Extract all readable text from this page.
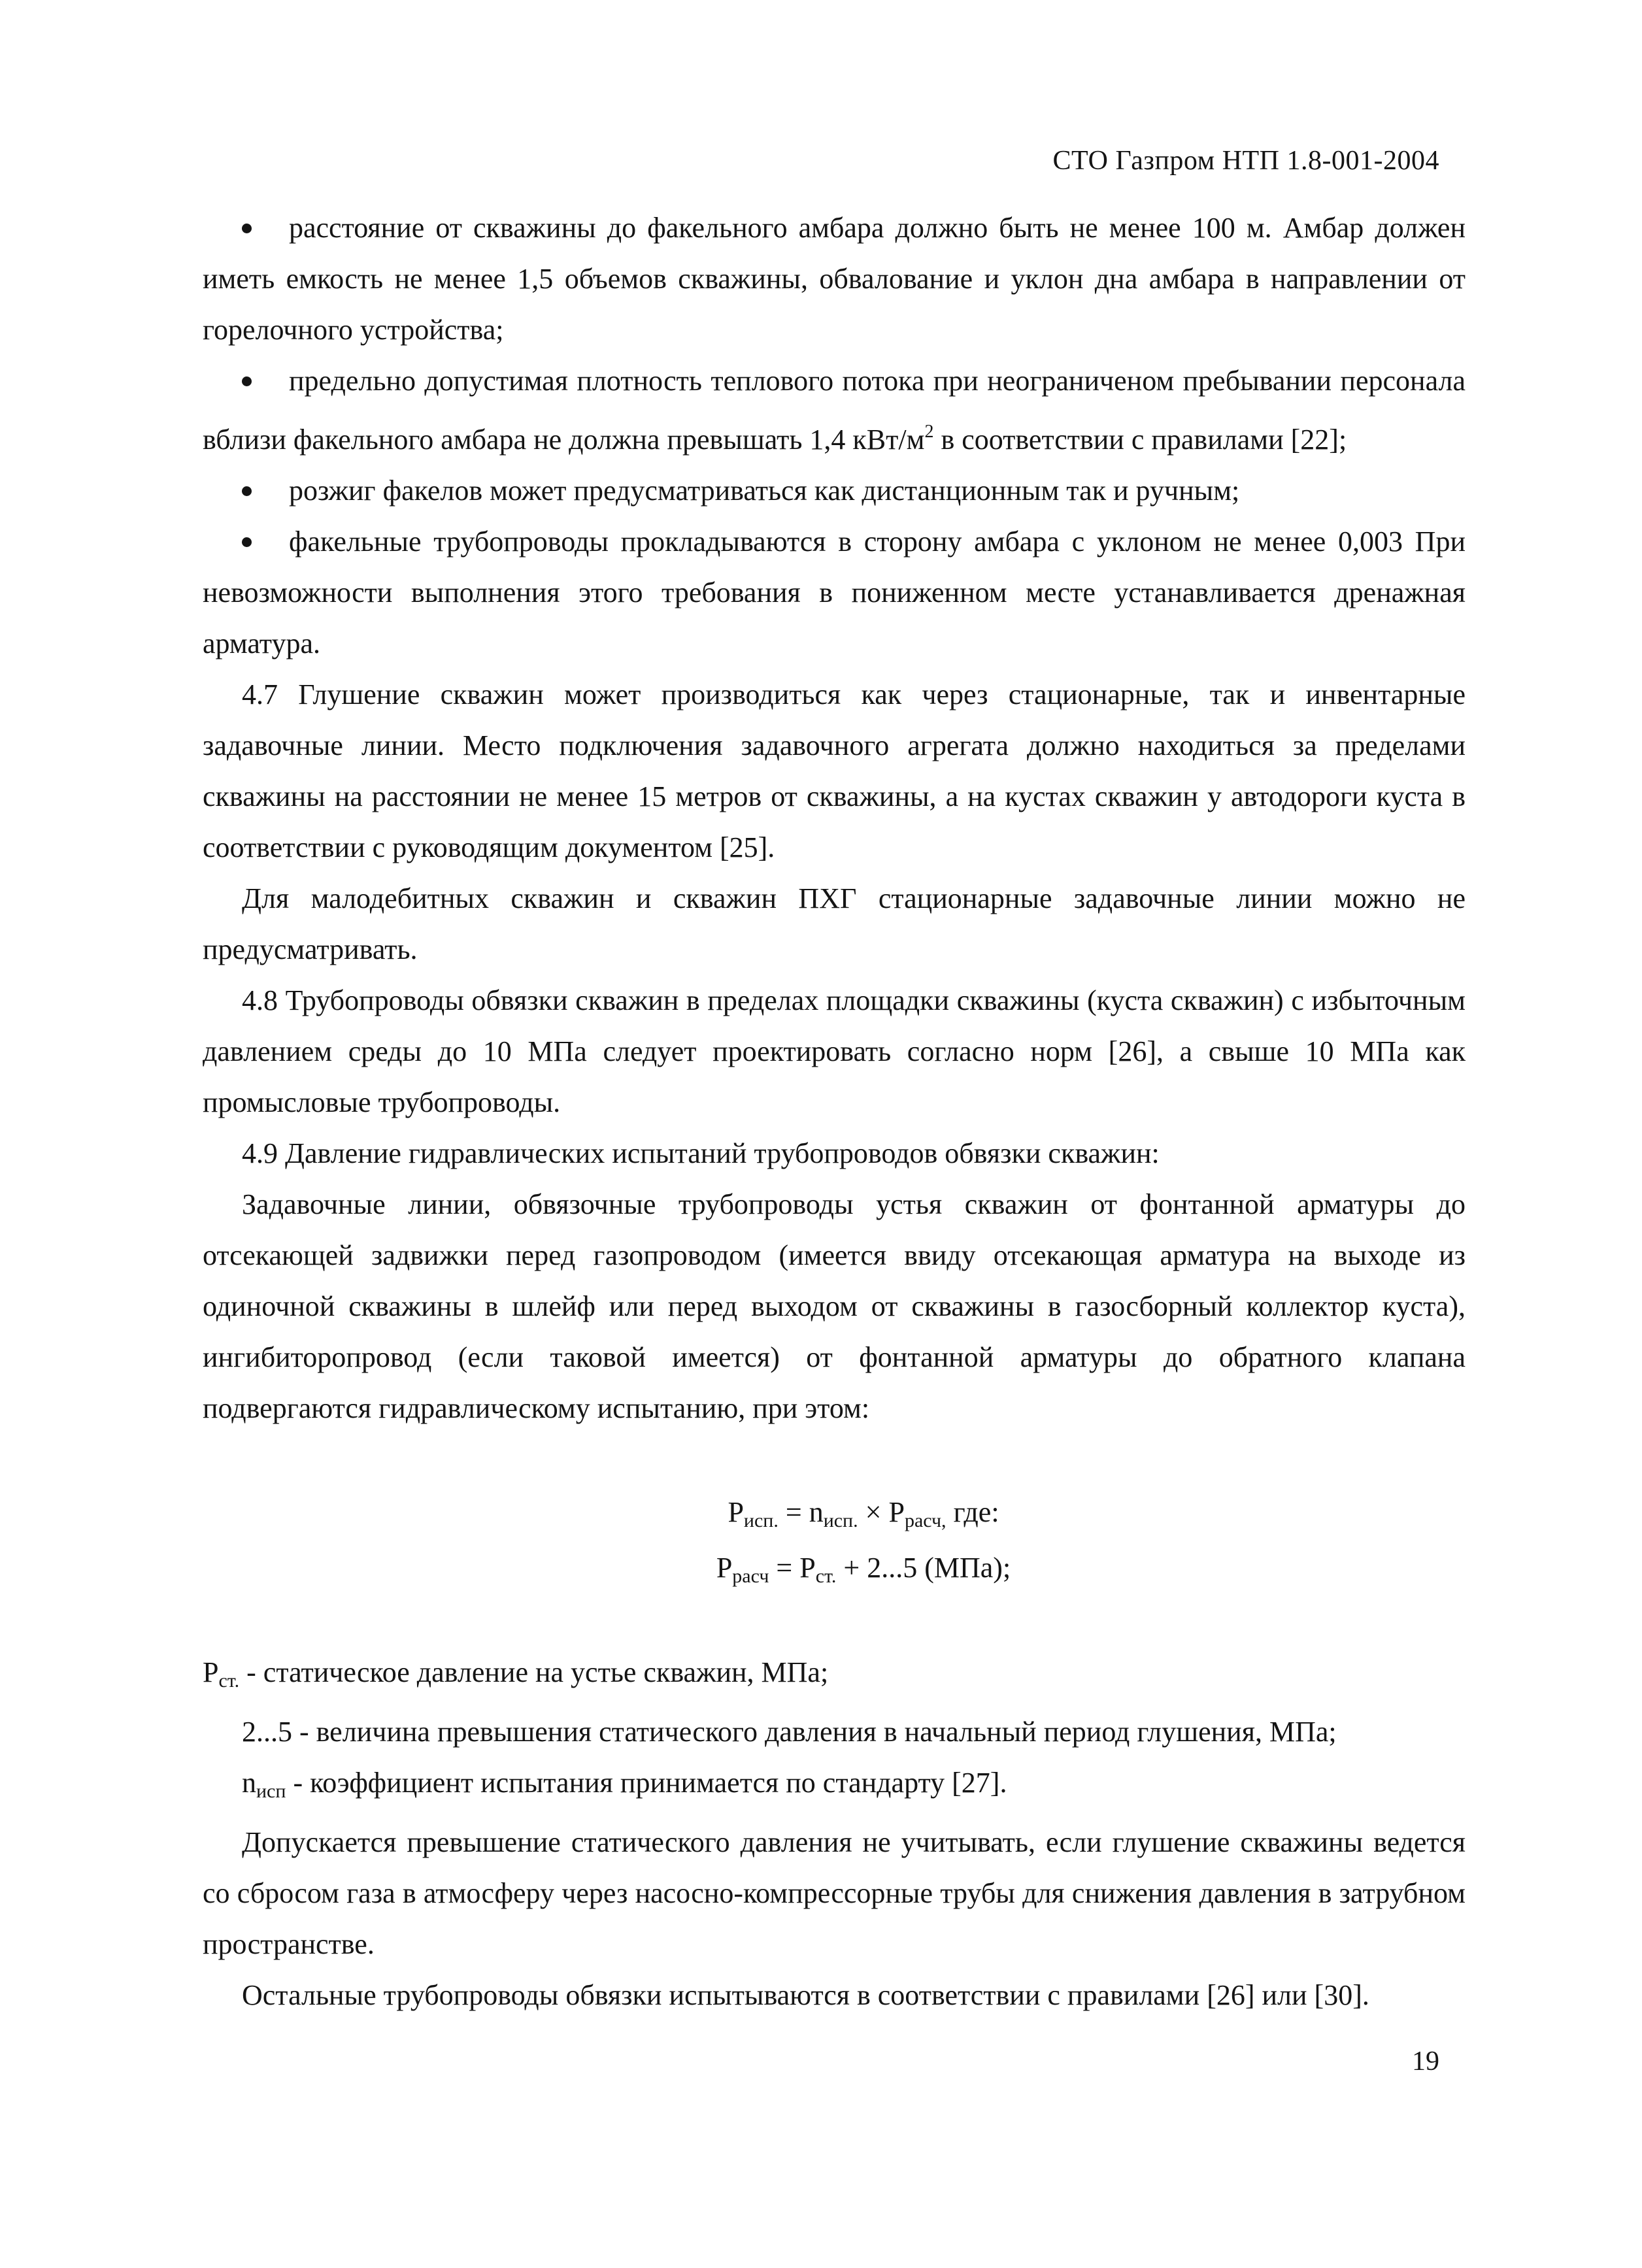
СТО Газпром НТП 1.8-001-2004

расстояние от скважины до факельного амбара должно быть не менее 100 м. Амбар должен иметь емкость не менее 1,5 объемов скважины, обвалование и уклон дна амбара в направлении от горелочного устройства;

предельно допустимая плотность теплового потока при неограниченом пребывании персонала вблизи факельного амбара не должна превышать 1,4 кВт/$м^2$ в соответствии с правилами [22];

розжиг факелов может предусматриваться как дистанционным так и ручным;

факельные трубопроводы прокладываются в сторону амбара с уклоном не менее 0,003 При невозможности выполнения этого требования в пониженном месте устанавливается дренажная арматура.

4.7 Глушение скважин может производиться как через стационарные, так и инвентарные задавочные линии. Место подключения задавочного агрегата должно находиться за пределами скважины на расстоянии не менее 15 метров от скважины, а на кустах скважин у автодороги куста в соответствии с руководящим документом [25].

Для малодебитных скважин и скважин ПХГ стационарные задавочные линии можно не предусматривать.

4.8 Трубопроводы обвязки скважин в пределах площадки скважины (куста скважин) с избыточным давлением среды до 10 МПа следует проектировать согласно норм [26], а свыше 10 МПа как промысловые трубопроводы.

4.9 Давление гидравлических испытаний трубопроводов обвязки скважин:

Задавочные линии, обвязочные трубопроводы устья скважин от фонтанной арматуры до отсекающей задвижки перед газопроводом (имеется ввиду отсекающая арматура на выходе из одиночной скважины в шлейф или перед выходом от скважины в газосборный коллектор куста), ингибиторопровод (если таковой имеется) от фонтанной арматуры до обратного клапана подвергаются гидравлическому испытанию, при этом:

$P_{исп.} = n_{исп.} \times P_{расч,}$ где:

$P_{расч} = P_{ст.} + 2...5$ (МПа);

$P_{ст.}$ - статическое давление на устье скважин, МПа;

2...5 - величина превышения статического давления в начальный период глушения, МПа;

$n_{исп}$ - коэффициент испытания принимается по стандарту [27].

Допускается превышение статического давления не учитывать, если глушение скважины ведется со сбросом газа в атмосферу через насосно-компрессорные трубы для снижения давления в затрубном пространстве.

Остальные трубопроводы обвязки испытываются в соответствии с правилами [26] или [30].

19
